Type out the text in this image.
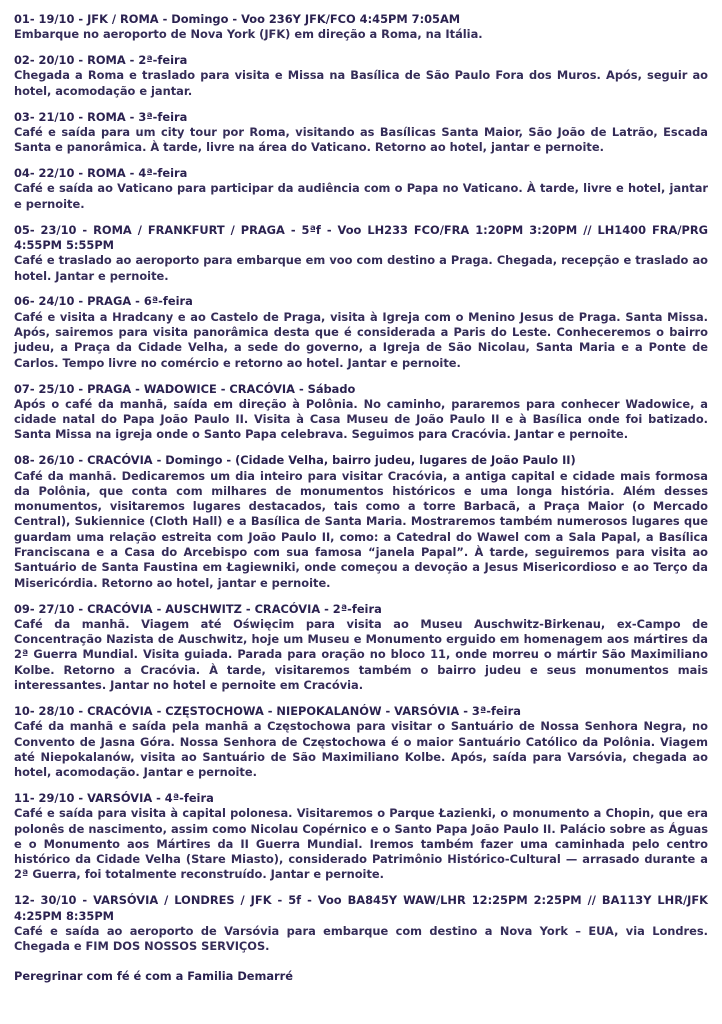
01- 19/10 - JFK / ROMA - Domingo - Voo 236Y JFK/FCO 4:45PM 7:05AM
Embarque no aeroporto de Nova York (JFK) em direção a Roma, na Itália.
02- 20/10 - ROMA - 2ª-feira
Chegada a Roma e traslado para visita e Missa na Basílica de São Paulo Fora dos Muros. Após, seguir ao hotel, acomodação e jantar.
03- 21/10 - ROMA - 3ª-feira
Café e saída para um city tour por Roma, visitando as Basílicas Santa Maior, São João de Latrão, Escada Santa e panorâmica. À tarde, livre na área do Vaticano. Retorno ao hotel, jantar e pernoite.
04- 22/10 - ROMA - 4ª-feira
Café e saída ao Vaticano para participar da audiência com o Papa no Vaticano. À tarde, livre e hotel, jantar e pernoite.
05- 23/10 - ROMA / FRANKFURT / PRAGA - 5ªf - Voo LH233 FCO/FRA 1:20PM 3:20PM // LH1400 FRA/PRG 4:55PM 5:55PM
Café e traslado ao aeroporto para embarque em voo com destino a Praga. Chegada, recepção e traslado ao hotel. Jantar e pernoite.
06- 24/10 - PRAGA - 6ª-feira
Café e visita a Hradcany e ao Castelo de Praga, visita à Igreja com o Menino Jesus de Praga. Santa Missa. Após, sairemos para visita panorâmica desta que é considerada a Paris do Leste. Conheceremos o bairro judeu, a Praça da Cidade Velha, a sede do governo, a Igreja de São Nicolau, Santa Maria e a Ponte de Carlos. Tempo livre no comércio e retorno ao hotel. Jantar e pernoite.
07- 25/10 - PRAGA - WADOWICE - CRACÓVIA - Sábado
Após o café da manhã, saída em direção à Polônia. No caminho, pararemos para conhecer Wadowice, a cidade natal do Papa João Paulo II. Visita à Casa Museu de João Paulo II e à Basílica onde foi batizado. Santa Missa na igreja onde o Santo Papa celebrava. Seguimos para Cracóvia. Jantar e pernoite.
08- 26/10 - CRACÓVIA - Domingo - (Cidade Velha, bairro judeu, lugares de João Paulo II)
Café da manhã. Dedicaremos um dia inteiro para visitar Cracóvia, a antiga capital e cidade mais formosa da Polônia, que conta com milhares de monumentos históricos e uma longa história. Além desses monumentos, visitaremos lugares destacados, tais como a torre Barbacã, a Praça Maior (o Mercado Central), Sukiennice (Cloth Hall) e a Basílica de Santa Maria. Mostraremos também numerosos lugares que guardam uma relação estreita com João Paulo II, como: a Catedral do Wawel com a Sala Papal, a Basílica Franciscana e a Casa do Arcebispo com sua famosa “janela Papal”. À tarde, seguiremos para visita ao Santuário de Santa Faustina em Łagiewniki, onde começou a devoção a Jesus Misericordioso e ao Terço da Misericórdia. Retorno ao hotel, jantar e pernoite.
09- 27/10 - CRACÓVIA - AUSCHWITZ - CRACÓVIA - 2ª-feira
Café da manhã. Viagem até Oświęcim para visita ao Museu Auschwitz-Birkenau, ex-Campo de Concentração Nazista de Auschwitz, hoje um Museu e Monumento erguido em homenagem aos mártires da 2ª Guerra Mundial. Visita guiada. Parada para oração no bloco 11, onde morreu o mártir São Maximiliano Kolbe. Retorno a Cracóvia. À tarde, visitaremos também o bairro judeu e seus monumentos mais interessantes. Jantar no hotel e pernoite em Cracóvia.
10- 28/10 - CRACÓVIA - CZĘSTOCHOWA - NIEPOKALANÓW - VARSÓVIA - 3ª-feira
Café da manhã e saída pela manhã a Częstochowa para visitar o Santuário de Nossa Senhora Negra, no Convento de Jasna Góra. Nossa Senhora de Częstochowa é o maior Santuário Católico da Polônia. Viagem até Niepokalanów, visita ao Santuário de São Maximiliano Kolbe. Após, saída para Varsóvia, chegada ao hotel, acomodação. Jantar e pernoite.
11- 29/10 - VARSÓVIA - 4ª-feira
Café e saída para visita à capital polonesa. Visitaremos o Parque Łazienki, o monumento a Chopin, que era polonês de nascimento, assim como Nicolau Copérnico e o Santo Papa João Paulo II. Palácio sobre as Águas e o Monumento aos Mártires da II Guerra Mundial. Iremos também fazer uma caminhada pelo centro histórico da Cidade Velha (Stare Miasto), considerado Patrimônio Histórico-Cultural — arrasado durante a 2ª Guerra, foi totalmente reconstruído. Jantar e pernoite.
12- 30/10 - VARSÓVIA / LONDRES / JFK - 5f - Voo BA845Y WAW/LHR 12:25PM 2:25PM // BA113Y LHR/JFK 4:25PM 8:35PM
Café e saída ao aeroporto de Varsóvia para embarque com destino a Nova York – EUA, via Londres. Chegada e FIM DOS NOSSOS SERVIÇOS.
Peregrinar com fé é com a Familia Demarré
